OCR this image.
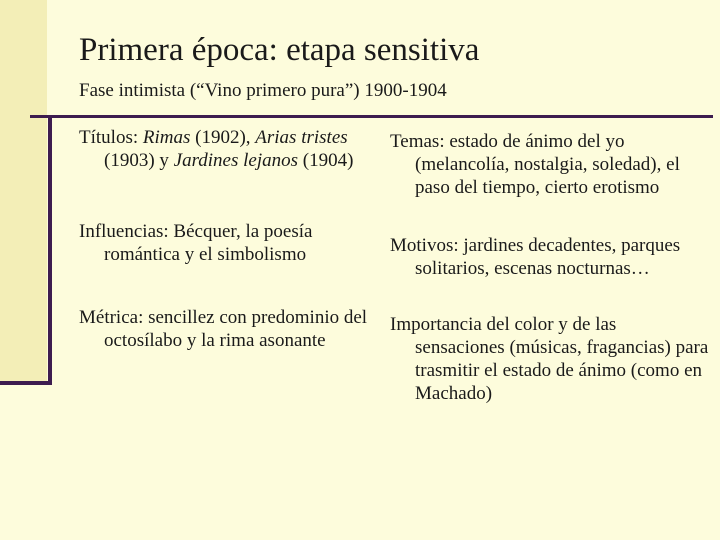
Primera época: etapa sensitiva
Fase intimista (“Vino primero pura”) 1900-1904
Títulos: Rimas (1902), Arias tristes (1903) y Jardines lejanos (1904)
Influencias: Bécquer, la poesía romántica y el simbolismo
Métrica: sencillez con predominio del octosílabo y la rima asonante
Temas: estado de ánimo del yo (melancolía, nostalgia, soledad), el paso del tiempo, cierto erotismo
Motivos: jardines decadentes, parques solitarios, escenas nocturnas…
Importancia del color y de las sensaciones (músicas, fragancias) para trasmitir el estado de ánimo (como en Machado)
